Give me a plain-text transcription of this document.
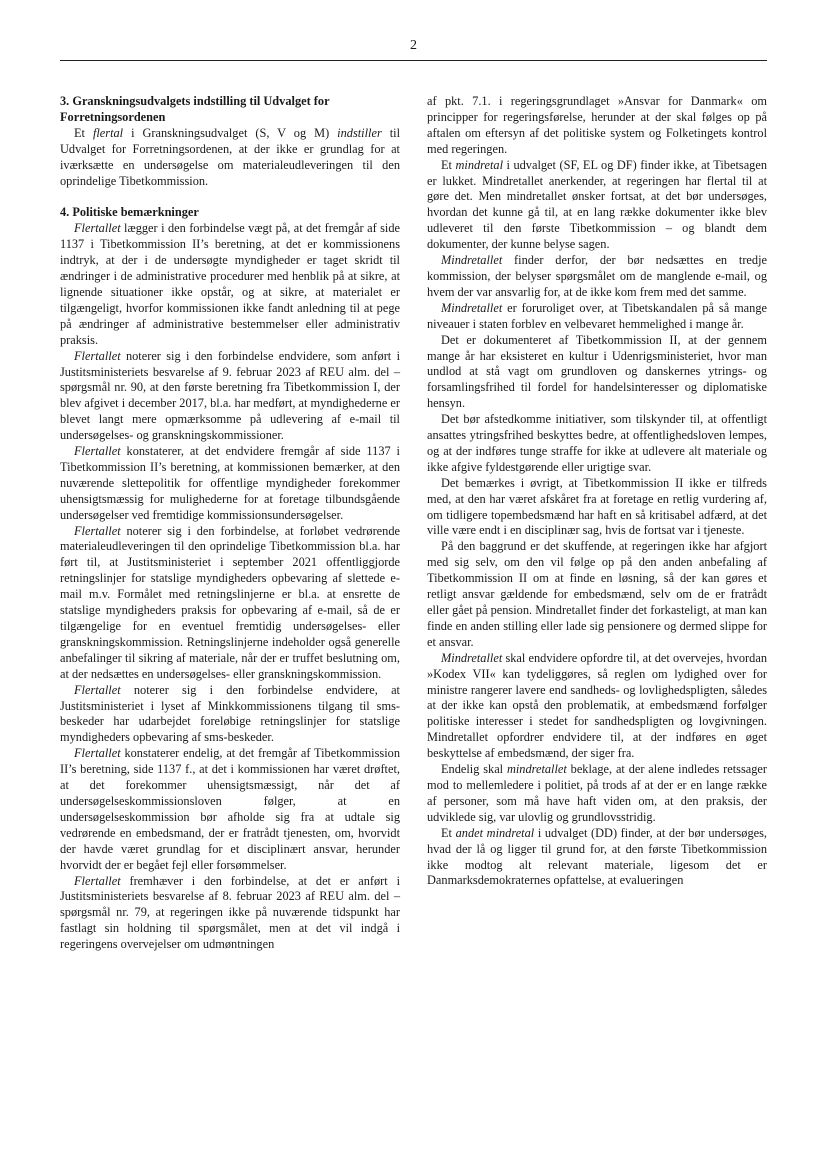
2
3. Granskningsudvalgets indstilling til Udvalget for Forretningsordenen

Et flertal i Granskningsudvalget (S, V og M) indstiller til Udvalget for Forretningsordenen, at der ikke er grundlag for at iværksætte en undersøgelse om materialeudleveringen til den oprindelige Tibetkommission.

4. Politiske bemærkninger

Flertallet lægger i den forbindelse vægt på, at det fremgår af side 1137 i Tibetkommission II’s beretning, at det er kommissionens indtryk, at der i de undersøgte myndigheder er taget skridt til ændringer i de administrative procedurer med henblik på at sikre, at lignende situationer ikke opstår, og at sikre, at materialet er tilgængeligt, hvorfor kommissionen ikke fandt anledning til at pege på ændringer af administrative bestemmelser eller administrativ praksis.

Flertallet noterer sig i den forbindelse endvidere, som anført i Justitsministeriets besvarelse af 9. februar 2023 af REU alm. del – spørgsmål nr. 90, at den første beretning fra Tibetkommission I, der blev afgivet i december 2017, bl.a. har medført, at myndighederne er blevet langt mere opmærksomme på udlevering af e-mail til undersøgelses- og granskningskommissioner.

Flertallet konstaterer, at det endvidere fremgår af side 1137 i Tibetkommission II’s beretning, at kommissionen bemærker, at den nuværende slettepolitik for offentlige myndigheder forekommer uhensigtsmæssig for mulighederne for at foretage tilbundsgående undersøgelser ved fremtidige kommissionsundersøgelser.

Flertallet noterer sig i den forbindelse, at forløbet vedrørende materialeudleveringen til den oprindelige Tibetkommission bl.a. har ført til, at Justitsministeriet i september 2021 offentliggjorde retningslinjer for statslige myndigheders opbevaring af slettede e-mail m.v. Formålet med retningslinjerne er bl.a. at ensrette de statslige myndigheders praksis for opbevaring af e-mail, så de er tilgængelige for en eventuel fremtidig undersøgelses- eller granskningskommission. Retningslinjerne indeholder også generelle anbefalinger til sikring af materiale, når der er truffet beslutning om, at der nedsættes en undersøgelses- eller granskningskommission.

Flertallet noterer sig i den forbindelse endvidere, at Justitsministeriet i lyset af Minkkommissionens tilgang til sms-beskeder har udarbejdet foreløbige retningslinjer for statslige myndigheders opbevaring af sms-beskeder.

Flertallet konstaterer endelig, at det fremgår af Tibetkommission II’s beretning, side 1137 f., at det i kommissionen har været drøftet, at det forekommer uhensigtsmæssigt, når det af undersøgelseskommissionsloven følger, at en undersøgelseskommission bør afholde sig fra at udtale sig vedrørende en embedsmand, der er fratrådt tjenesten, om, hvorvidt der havde været grundlag for et disciplinært ansvar, herunder hvorvidt der er begået fejl eller forsømmelser.

Flertallet fremhæver i den forbindelse, at det er anført i Justitsministeriets besvarelse af 8. februar 2023 af REU alm. del – spørgsmål nr. 79, at regeringen ikke på nuværende tidspunkt har fastlagt sin holdning til spørgsmålet, men at det vil indgå i regeringens overvejelser om udmøntningen

af pkt. 7.1. i regeringsgrundlaget »Ansvar for Danmark« om principper for regeringsførelse, herunder at der skal følges op på aftalen om eftersyn af det politiske system og Folketingets kontrol med regeringen.

Et mindretal i udvalget (SF, EL og DF) finder ikke, at Tibetsagen er lukket. Mindretallet anerkender, at regeringen har flertal til at gøre det. Men mindretallet ønsker fortsat, at det bør undersøges, hvordan det kunne gå til, at en lang række dokumenter ikke blev udleveret til den første Tibetkommission – og blandt dem dokumenter, der kunne belyse sagen.

Mindretallet finder derfor, der bør nedsættes en tredje kommission, der belyser spørgsmålet om de manglende e-mail, og hvem der var ansvarlig for, at de ikke kom frem med det samme.

Mindretallet er foruroliget over, at Tibetskandalen på så mange niveauer i staten forblev en velbevaret hemmelighed i mange år.

Det er dokumenteret af Tibetkommission II, at der gennem mange år har eksisteret en kultur i Udenrigsministeriet, hvor man undlod at stå vagt om grundloven og danskernes ytrings- og forsamlingsfrihed til fordel for handelsinteresser og diplomatiske hensyn.

Det bør afstedkomme initiativer, som tilskynder til, at offentligt ansattes ytringsfrihed beskyttes bedre, at offentlighedsloven lempes, og at der indføres tunge straffe for ikke at udlevere alt materiale og ikke afgive fyldestgørende eller urigtige svar.

Det bemærkes i øvrigt, at Tibetkommission II ikke er tilfreds med, at den har været afskåret fra at foretage en retlig vurdering af, om tidligere topembedsmænd har haft en så kritisabel adfærd, at det ville være endt i en disciplinær sag, hvis de fortsat var i tjeneste.

På den baggrund er det skuffende, at regeringen ikke har afgjort med sig selv, om den vil følge op på den anden anbefaling af Tibetkommission II om at finde en løsning, så der kan gøres et retligt ansvar gældende for embedsmænd, selv om de er fratrådt eller gået på pension. Mindretallet finder det forkasteligt, at man kan finde en anden stilling eller lade sig pensionere og dermed slippe for et ansvar.

Mindretallet skal endvidere opfordre til, at det overvejes, hvordan »Kodex VII« kan tydeliggøres, så reglen om lydighed over for ministre rangerer lavere end sandheds- og lovlighedspligten, således at der ikke kan opstå den problematik, at embedsmænd forfølger politiske interesser i stedet for sandhedspligten og lovgivningen. Mindretallet opfordrer endvidere til, at der indføres en øget beskyttelse af embedsmænd, der siger fra.

Endelig skal mindretallet beklage, at der alene indledes retssager mod to mellemledere i politiet, på trods af at der er en lange række af personer, som må have haft viden om, at den praksis, der udviklede sig, var ulovlig og grundlovsstridig.

Et andet mindretal i udvalget (DD) finder, at der bør undersøges, hvad der lå og ligger til grund for, at den første Tibetkommission ikke modtog alt relevant materiale, ligesom det er Danmarksdemokraternes opfattelse, at evalueringen
